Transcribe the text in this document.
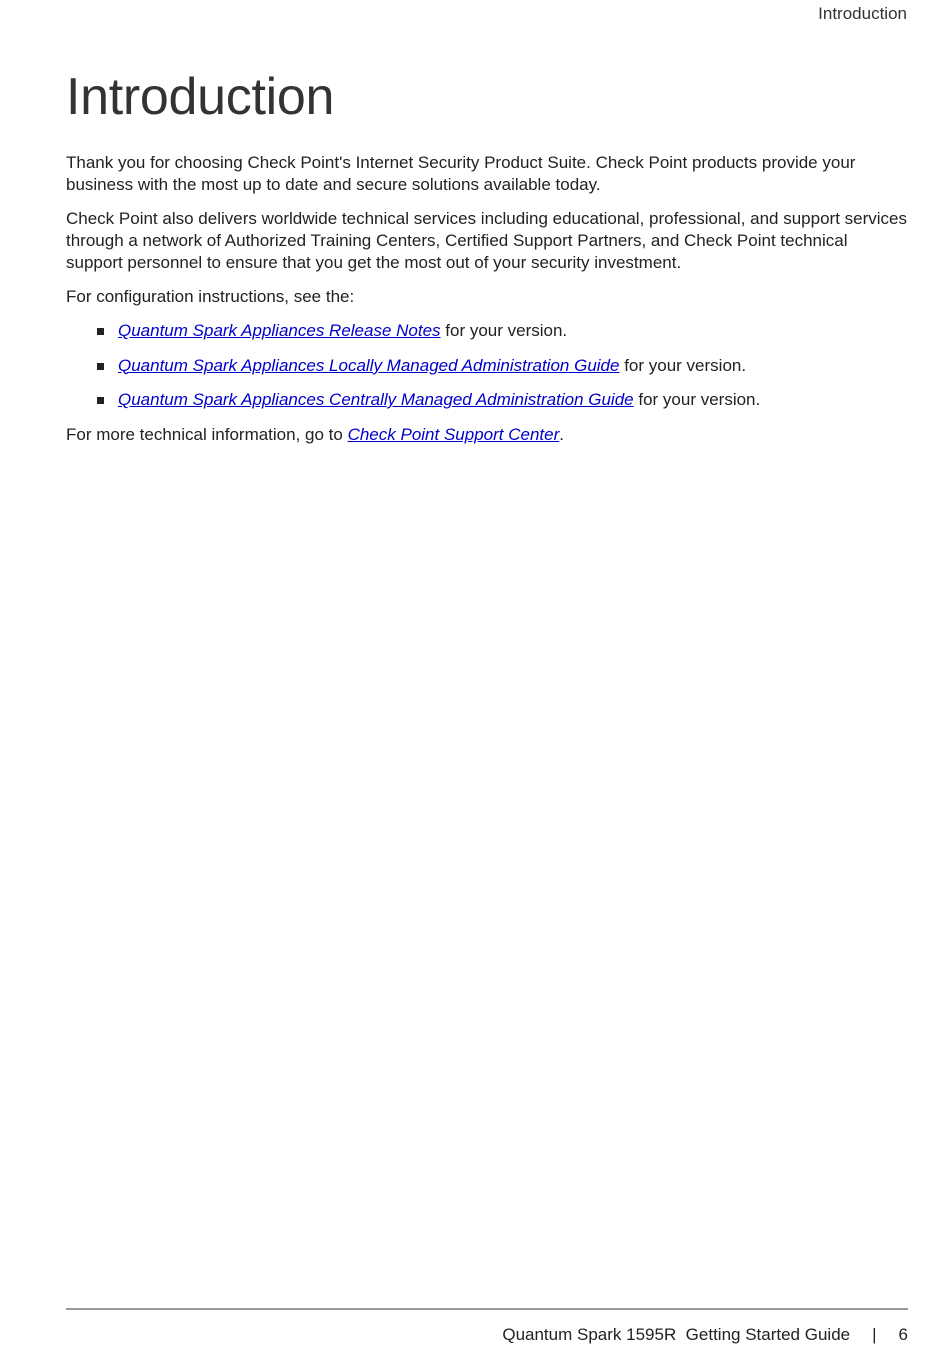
Introduction
Introduction

Thank you for choosing Check Point's Internet Security Product Suite. Check Point products provide your business with the most up to date and secure solutions available today.

Check Point also delivers worldwide technical services including educational, professional, and support services through a network of Authorized Training Centers, Certified Support Partners, and Check Point technical support personnel to ensure that you get the most out of your security investment.

For configuration instructions, see the:

Quantum Spark Appliances Release Notes for your version.
Quantum Spark Appliances Locally Managed Administration Guide for your version.
Quantum Spark Appliances Centrally Managed Administration Guide for your version.

For more technical information, go to Check Point Support Center.

Quantum Spark 1595R  Getting Started Guide | 6
